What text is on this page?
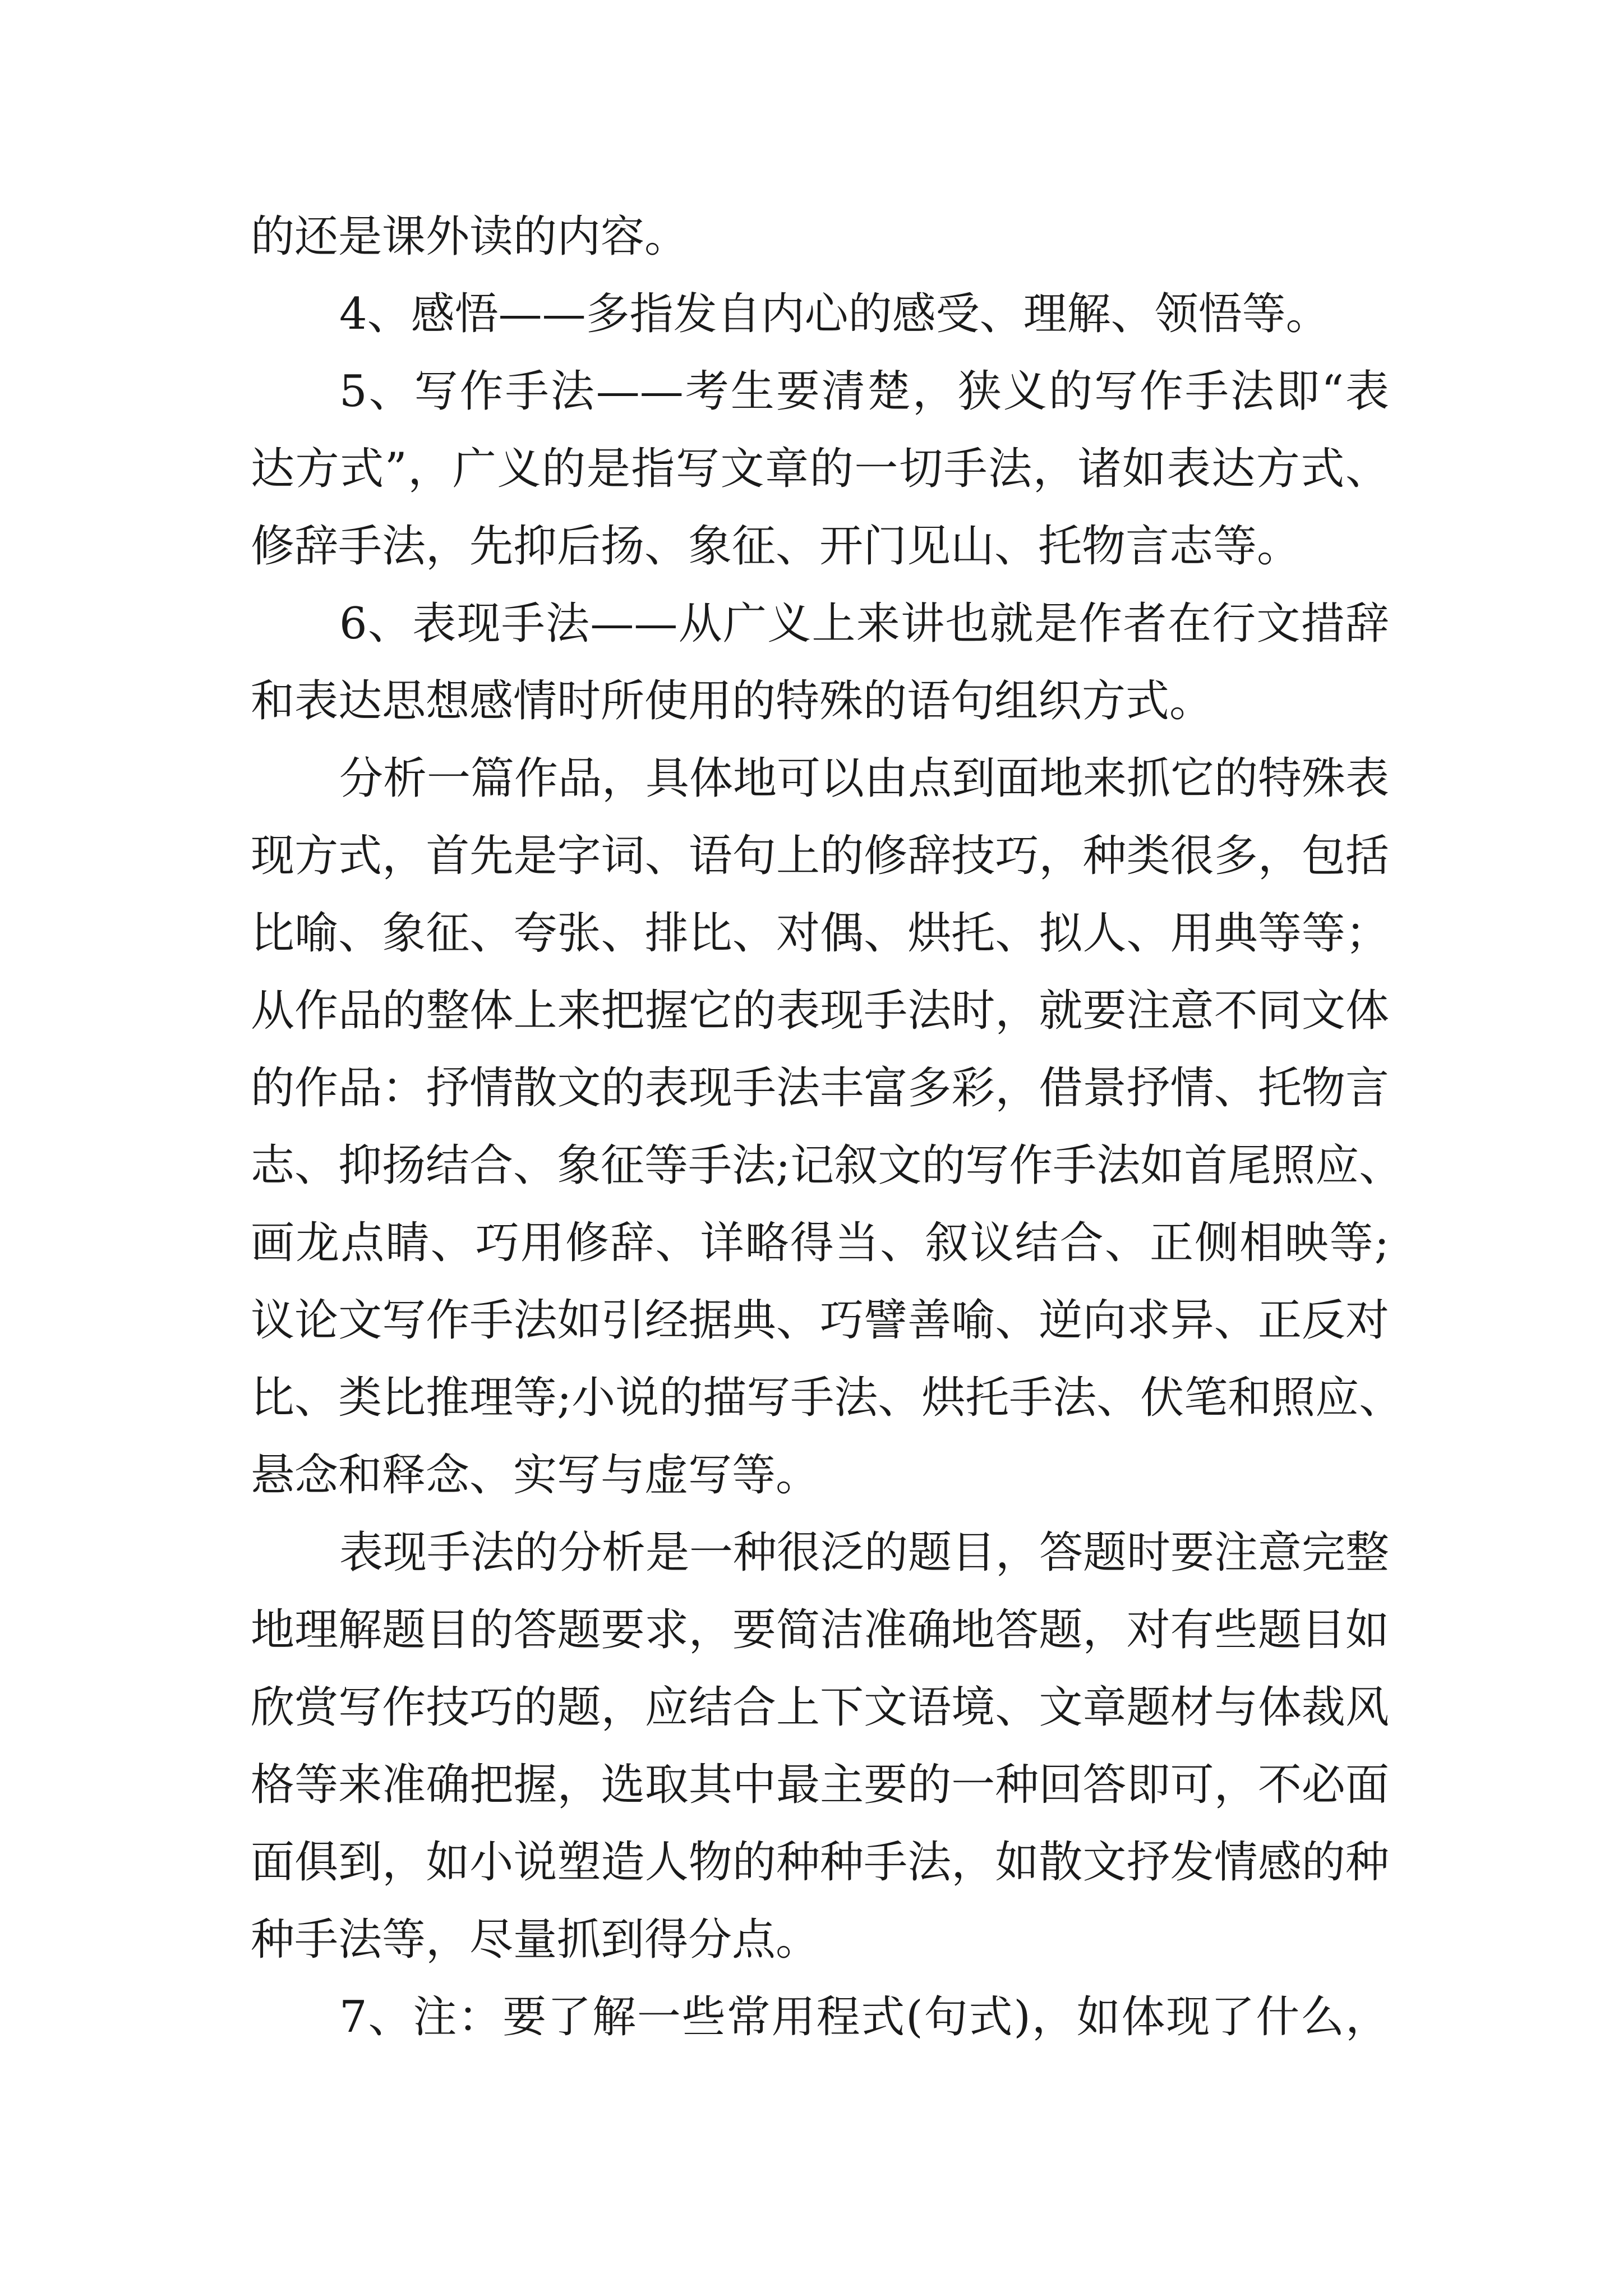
的还是课外读的内容。
4、感悟——多指发自内心的感受、理解、领悟等。
5、写作手法——考生要清楚，狭义的写作手法即“表
达方式”，广义的是指写文章的一切手法，诸如表达方式、
修辞手法，先抑后扬、象征、开门见山、托物言志等。
6、表现手法——从广义上来讲也就是作者在行文措辞
和表达思想感情时所使用的特殊的语句组织方式。
分析一篇作品，具体地可以由点到面地来抓它的特殊表
现方式，首先是字词、语句上的修辞技巧，种类很多，包括
比喻、象征、夸张、排比、对偶、烘托、拟人、用典等等；
从作品的整体上来把握它的表现手法时，就要注意不同文体
的作品：抒情散文的表现手法丰富多彩，借景抒情、托物言
志、抑扬结合、象征等手法;记叙文的写作手法如首尾照应、
画龙点睛、巧用修辞、详略得当、叙议结合、正侧相映等;
议论文写作手法如引经据典、巧譬善喻、逆向求异、正反对
比、类比推理等;小说的描写手法、烘托手法、伏笔和照应、
悬念和释念、实写与虚写等。
表现手法的分析是一种很泛的题目，答题时要注意完整
地理解题目的答题要求，要简洁准确地答题，对有些题目如
欣赏写作技巧的题，应结合上下文语境、文章题材与体裁风
格等来准确把握，选取其中最主要的一种回答即可，不必面
面俱到，如小说塑造人物的种种手法，如散文抒发情感的种
种手法等，尽量抓到得分点。
7、注：要了解一些常用程式(句式)，如体现了什么，
